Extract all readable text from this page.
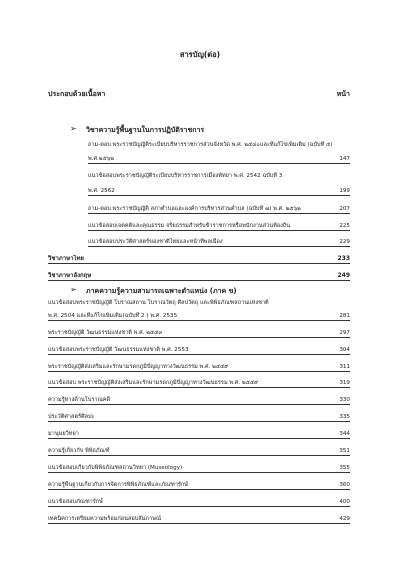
สารบัญ(ต่อ)
ประกอบด้วยเนื้อหา	หน้า
➢ วิชาความรู้พื้นฐานในการปฏิบัติราชการ
ถาม-ตอบ พระราชบัญญัติระเบียบบริหารราชการส่วนจังหวัด พ.ศ. ๒๕๔๐และที่แก้ไขเพิ่มเติม (ฉบับที่ ๕)
พ.ศ.๒๕๖๒	147
แนวข้อสอบพระราชบัญญัติระเบียบบริหารราชการเมืองพัทยา พ.ศ. 2542 ฉบับที่ 3
พ.ศ. 2562	199
ถาม-ตอบ พระราชบัญญัติ สภาตำบลและองค์การบริหารส่วนตำบล (ฉบับที่ ๗) พ.ศ. ๒๕๖๒	207
แนวข้อสอบเจตคติและคุณธรรม จริยธรรมสำหรับข้าราชการหรือพนักงานส่วนท้องถิ่น	225
แนวข้อสอบประวัติศาสตร์ของชาติไทยและหน้าที่พลเมือง	229
วิชาภาษาไทย	233
วิชาภาษาอังกฤษ	249
➢ ภาคความรู้ความสามารถเฉพาะตำแหน่ง (ภาค ข)
แนวข้อสอบพระราชบัญญัติ โบราณสถาน โบราณวัตถุ ศิลปวัตถุ และพิพิธภัณฑสถานแห่งชาติ
พ.ศ. 2504 และที่แก้ไขเพิ่มเติม(ฉบับที่ 2 ) พ.ศ. 2535	281
พระราชบัญญัติ วัฒนธรรมแห่งชาติ พ.ศ. ๒๕๕๓	297
แนวข้อสอบพระราชบัญญัติ วัฒนธรรมแห่งชาติ พ.ศ. 2553	304
พระราชบัญญัติส่งเสริมและรักษามรดกภูมิปัญญาทางวัฒนธรรม พ.ศ. ๒๕๕๙	311
แนวข้อสอบ พระราชบัญญัติส่งเสริมและรักษามรดกภูมิปัญญาทางวัฒนธรรม พ.ศ. ๒๕๕๙	319
ความรู้ทางด้านโบราณคดี	330
ประวัติศาสตร์ศิลปะ	335
มานุษยวิทยา	344
ความรู้เกี่ยวกับ พิพิธภัณฑ์	351
แนวข้อสอบเกี่ยวกับพิพิธภัณฑสถานวิทยา (Museology)	355
ความรู้พื้นฐานเกี่ยวกับการจัดการพิพิธภัณฑ์และภัณฑารักษ์	360
แนวข้อสอบภัณฑารักษ์	400
เทคนิคการเตรียมความพร้อมก่อนสอบสัมภาษณ์	429
